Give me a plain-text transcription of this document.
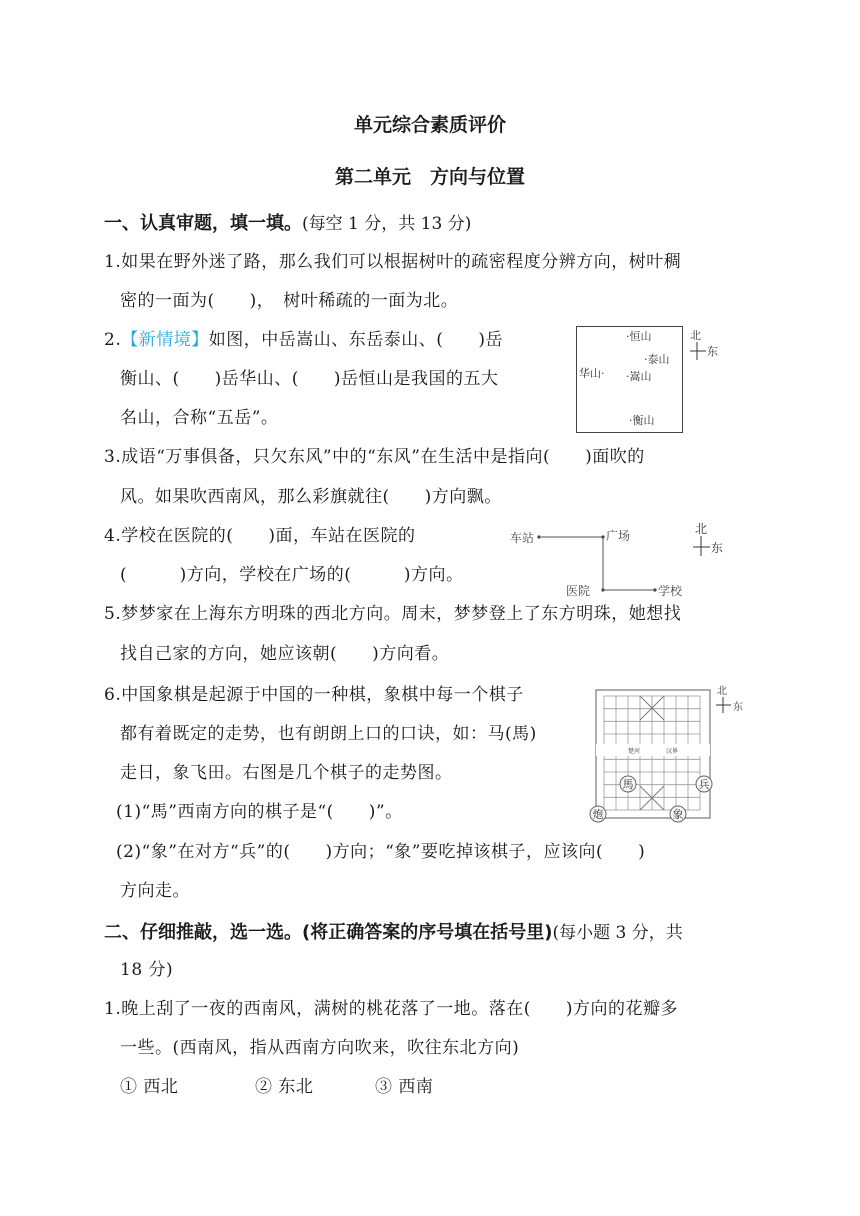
单元综合素质评价
第二单元　方向与位置
一、认真审题，填一填。(每空 1 分，共 13 分)
1.如果在野外迷了路，那么我们可以根据树叶的疏密程度分辨方向，树叶稠
密的一面为(　　)，　树叶稀疏的一面为北。
2.【新情境】如图，中岳嵩山、东岳泰山、(　　)岳
衡山、(　　)岳华山、(　　)岳恒山是我国的五大
名山，合称“五岳”。
·恒山
·泰山
华山· ·嵩山
·衡山
北
东
3.成语“万事俱备，只欠东风”中的“东风”在生活中是指向(　　)面吹的
风。如果吹西南风，那么彩旗就往(　　)方向飘。
4.学校在医院的(　　)面，车站在医院的
(　　　)方向，学校在广场的(　　　)方向。
车站	广场
医院	学校
北
东
5.梦梦家在上海东方明珠的西北方向。周末，梦梦登上了东方明珠，她想找
找自己家的方向，她应该朝(　　)方向看。
6.中国象棋是起源于中国的一种棋，象棋中每一个棋子
都有着既定的走势，也有朗朗上口的口诀，如：马(馬)
走日，象飞田。右图是几个棋子的走势图。
(1)“馬”西南方向的棋子是“(　　)”。
(2)“象”在对方“兵”的(　　)方向；“象”要吃掉该棋子，应该向(　　)
方向走。
楚河	汉界
馬	兵
炮	象
北
东
二、仔细推敲，选一选。(将正确答案的序号填在括号里)(每小题 3 分，共
18 分)
1.晚上刮了一夜的西南风，满树的桃花落了一地。落在(　　)方向的花瓣多
一些。(西南风，指从西南方向吹来，吹往东北方向)
① 西北	② 东北	③ 西南
